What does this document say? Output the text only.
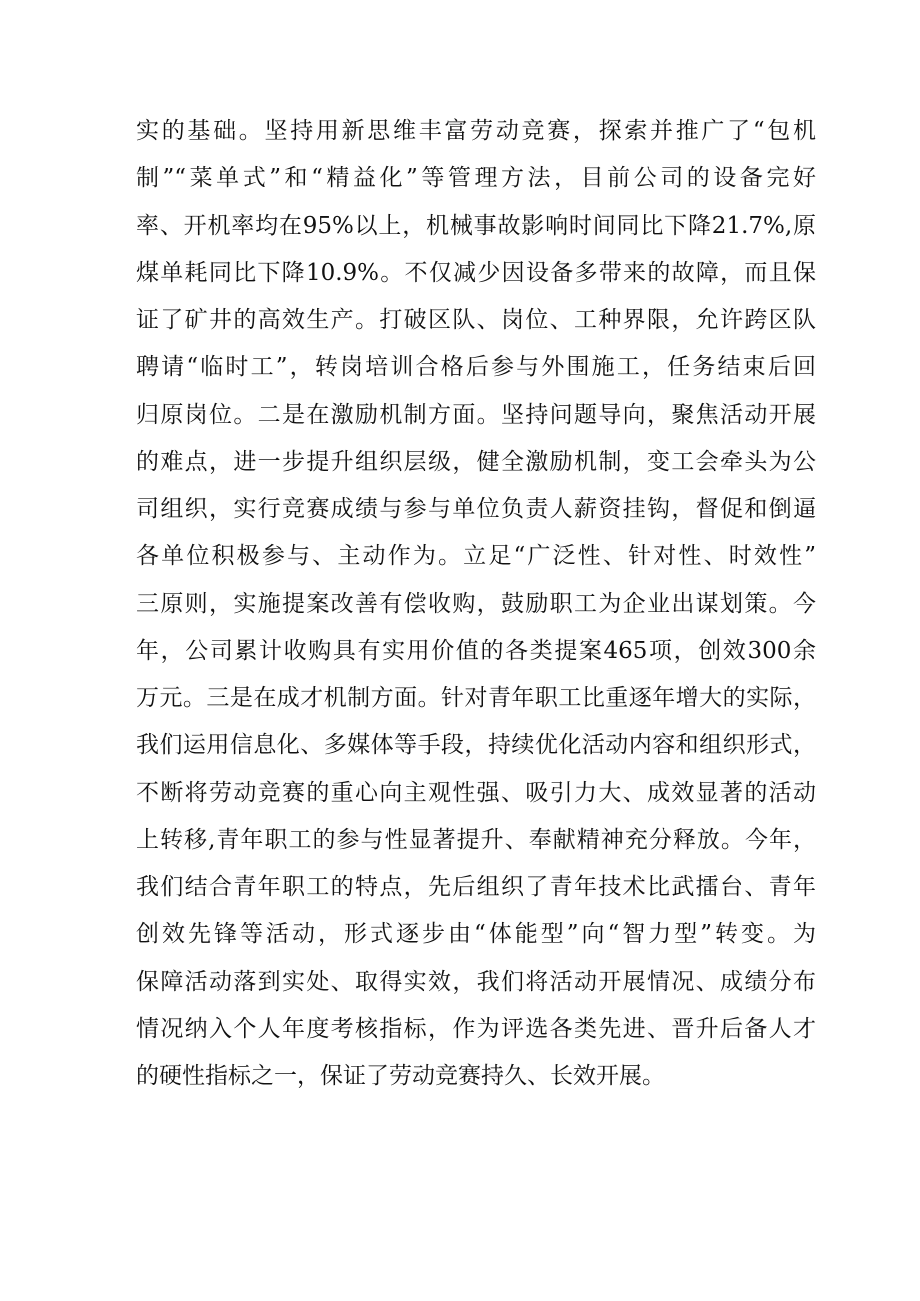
实的基础。坚持用新思维丰富劳动竞赛，探索并推广了“包机
制”“菜单式”和“精益化”等管理方法，目前公司的设备完好
率、开机率均在95%以上，机械事故影响时间同比下降21.7%,原
煤单耗同比下降10.9%。不仅减少因设备多带来的故障，而且保
证了矿井的高效生产。打破区队、岗位、工种界限，允许跨区队
聘请“临时工”，转岗培训合格后参与外围施工，任务结束后回
归原岗位。二是在激励机制方面。坚持问题导向，聚焦活动开展
的难点，进一步提升组织层级，健全激励机制，变工会牵头为公
司组织，实行竞赛成绩与参与单位负责人薪资挂钩，督促和倒逼
各单位积极参与、主动作为。立足“广泛性、针对性、时效性”
三原则，实施提案改善有偿收购，鼓励职工为企业出谋划策。今
年，公司累计收购具有实用价值的各类提案465项，创效300余
万元。三是在成才机制方面。针对青年职工比重逐年增大的实际，
我们运用信息化、多媒体等手段，持续优化活动内容和组织形式，
不断将劳动竞赛的重心向主观性强、吸引力大、成效显著的活动
上转移,青年职工的参与性显著提升、奉献精神充分释放。今年，
我们结合青年职工的特点，先后组织了青年技术比武擂台、青年
创效先锋等活动，形式逐步由“体能型”向“智力型”转变。为
保障活动落到实处、取得实效，我们将活动开展情况、成绩分布
情况纳入个人年度考核指标，作为评选各类先进、晋升后备人才
的硬性指标之一，保证了劳动竞赛持久、长效开展。
